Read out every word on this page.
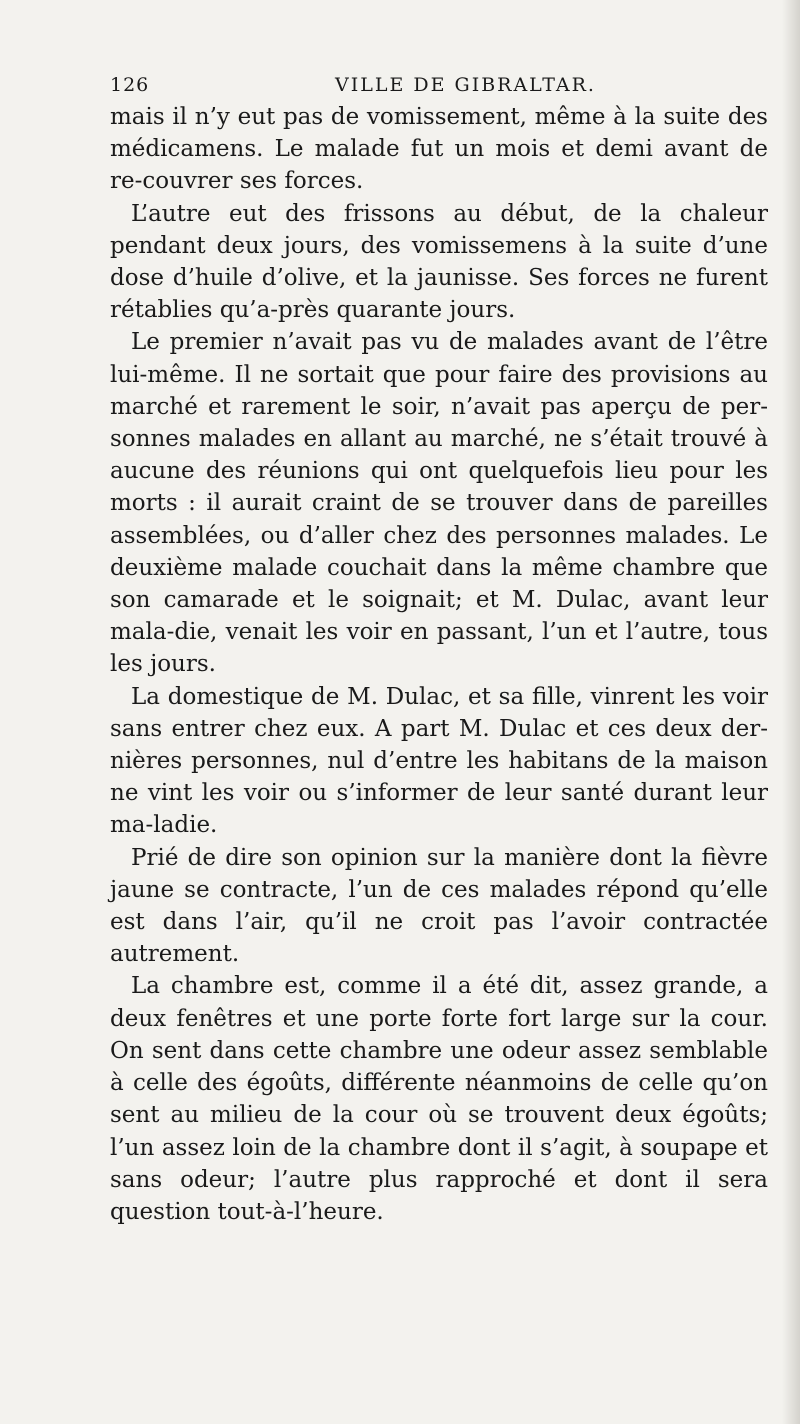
126	VILLE DE GIBRALTAR.

mais il n’y eut pas de vomissement, même à la suite des médicamens. Le malade fut un mois et demi avant de re-couvrer ses forces.

L’autre eut des frissons au début, de la chaleur pendant deux jours, des vomissemens à la suite d’une dose d’huile d’olive, et la jaunisse. Ses forces ne furent rétablies qu’a-près quarante jours.

Le premier n’avait pas vu de malades avant de l’être lui-même. Il ne sortait que pour faire des provisions au marché et rarement le soir, n’avait pas aperçu de per-sonnes malades en allant au marché, ne s’était trouvé à aucune des réunions qui ont quelquefois lieu pour les morts : il aurait craint de se trouver dans de pareilles assemblées, ou d’aller chez des personnes malades. Le deuxième malade couchait dans la même chambre que son camarade et le soignait; et M. Dulac, avant leur mala-die, venait les voir en passant, l’un et l’autre, tous les jours.

La domestique de M. Dulac, et sa fille, vinrent les voir sans entrer chez eux. A part M. Dulac et ces deux der-nières personnes, nul d’entre les habitans de la maison ne vint les voir ou s’informer de leur santé durant leur ma-ladie.

Prié de dire son opinion sur la manière dont la fièvre jaune se contracte, l’un de ces malades répond qu’elle est dans l’air, qu’il ne croit pas l’avoir contractée autrement.

La chambre est, comme il a été dit, assez grande, a deux fenêtres et une porte forte fort large sur la cour. On sent dans cette chambre une odeur assez semblable à celle des égoûts, différente néanmoins de celle qu’on sent au milieu de la cour où se trouvent deux égoûts; l’un assez loin de la chambre dont il s’agit, à soupape et sans odeur; l’autre plus rapproché et dont il sera question tout-à-l’heure.
